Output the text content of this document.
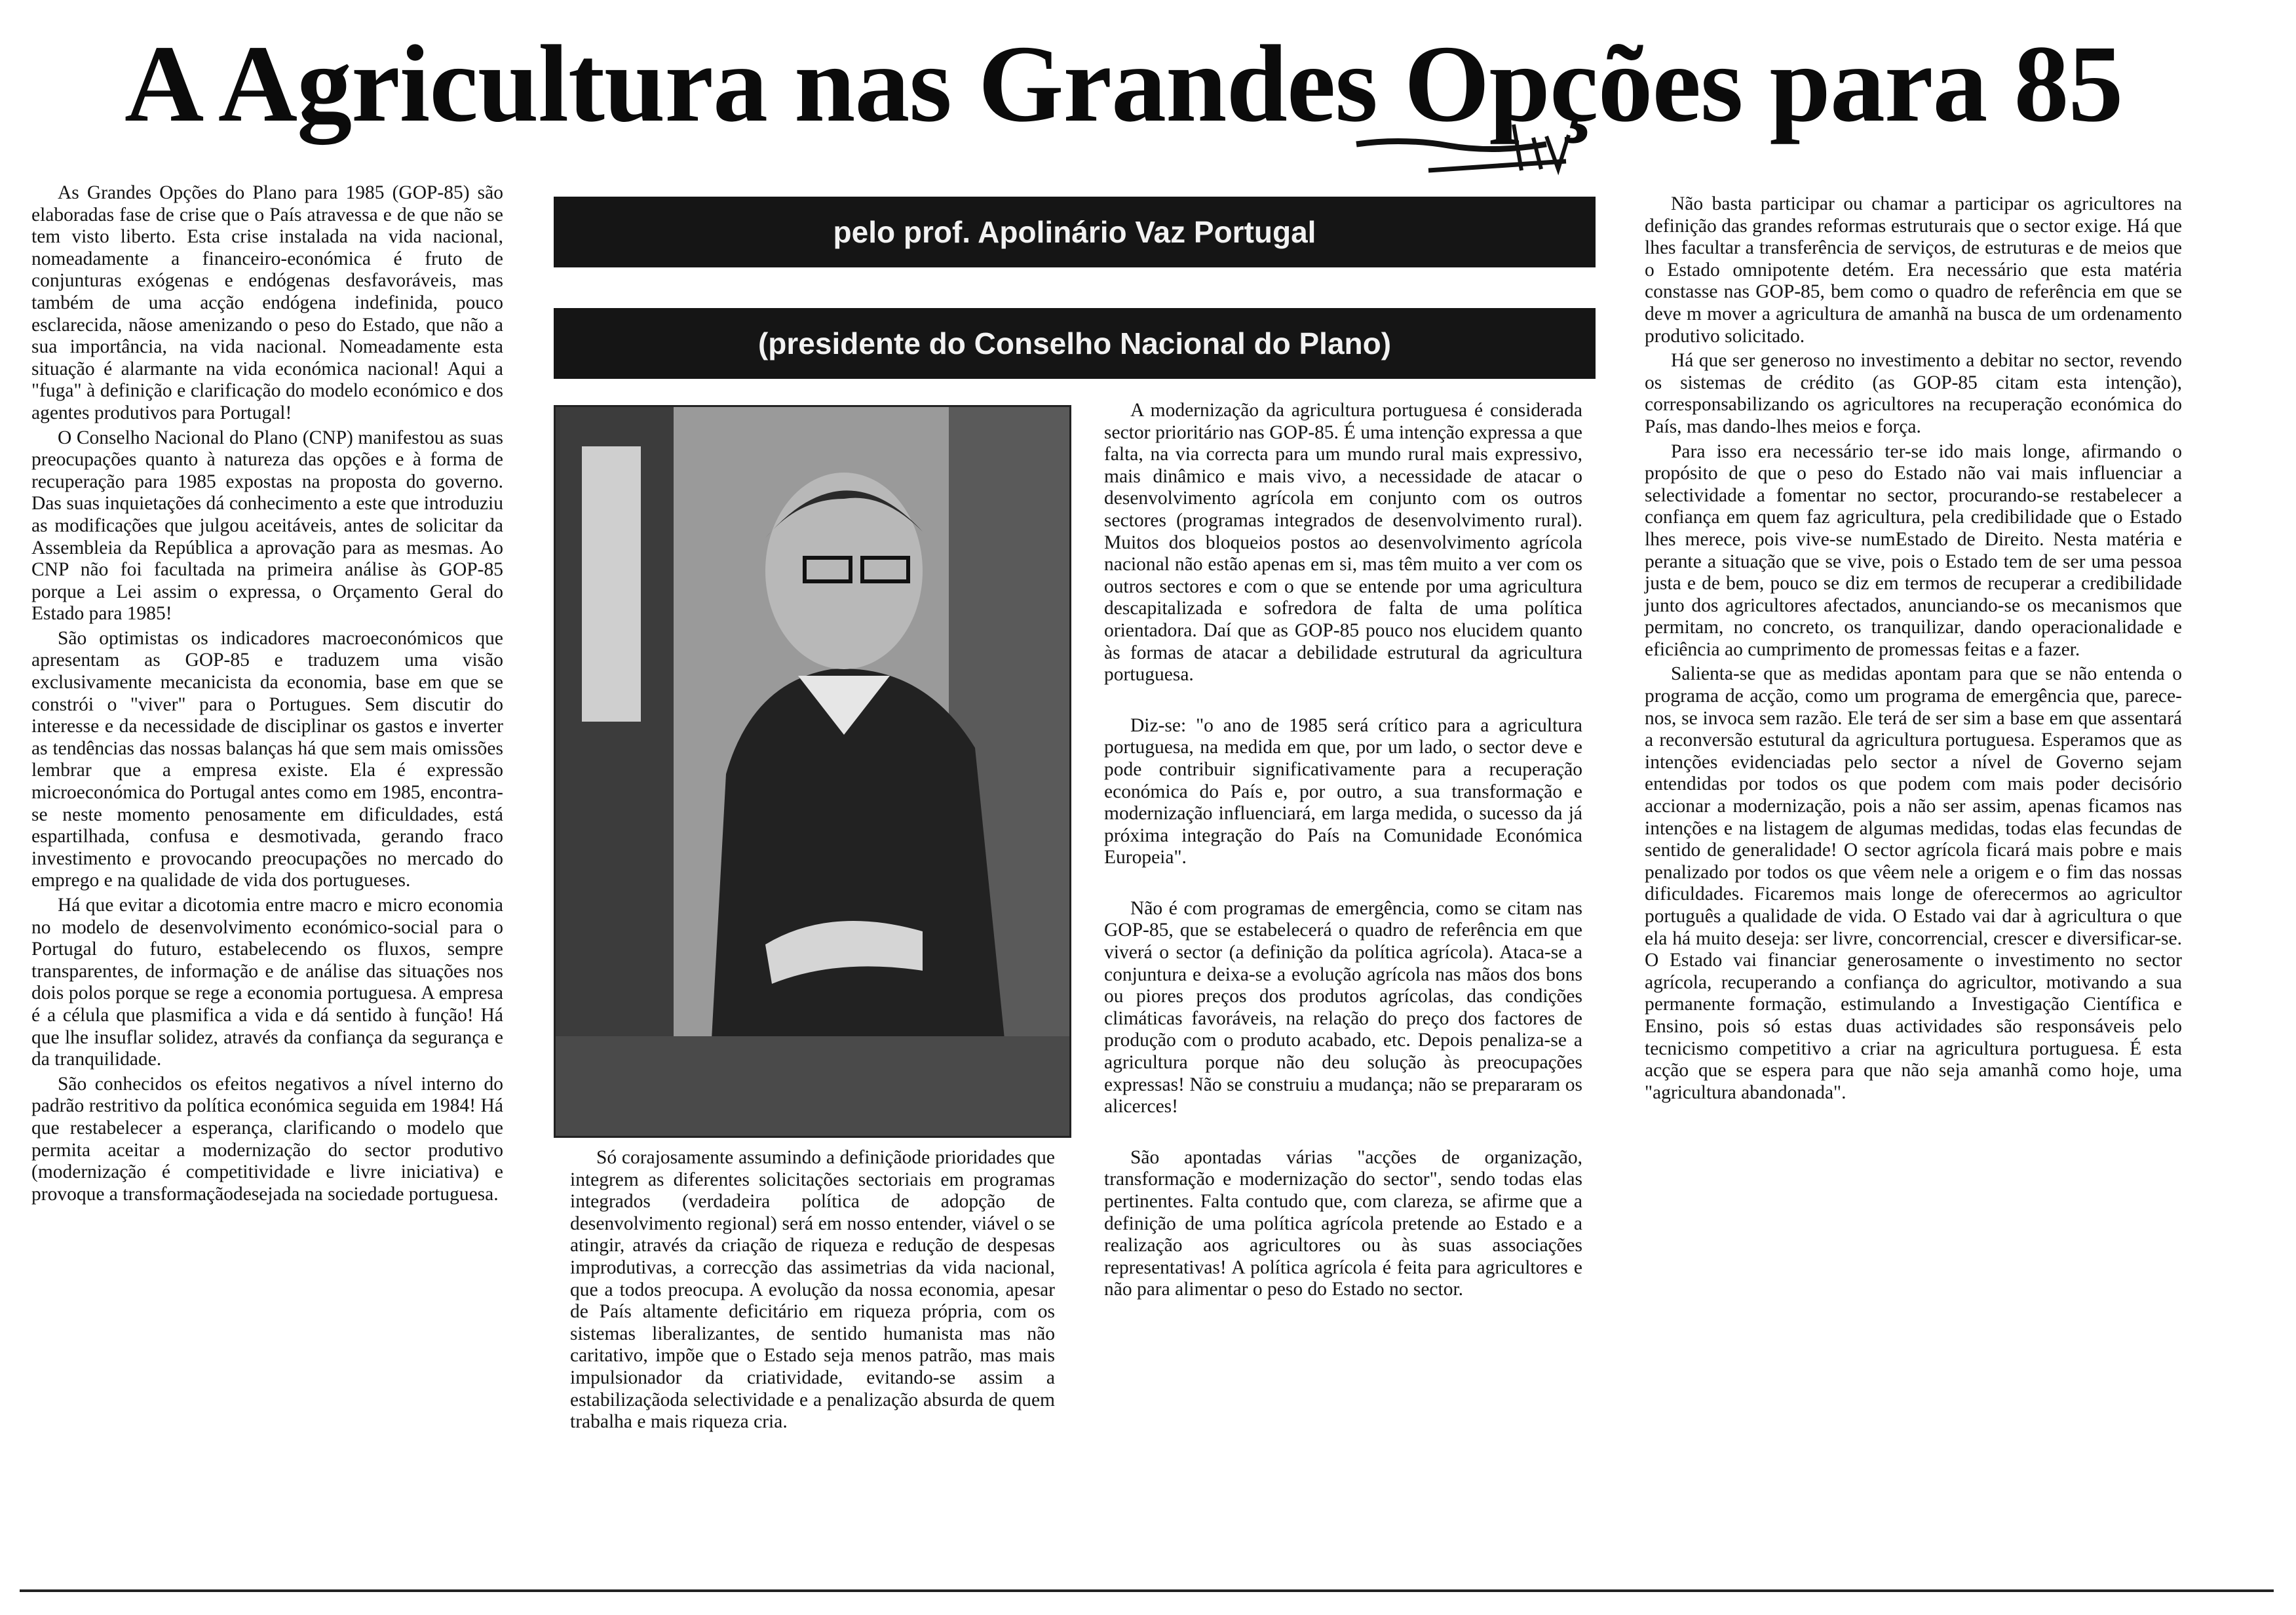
A Agricultura nas Grandes Opções para 85
pelo prof. Apolinário Vaz Portugal
(presidente do Conselho Nacional do Plano)

As Grandes Opções do Plano para 1985 (GOP-85) são elaboradas fase de crise que o País atravessa e de que não se tem visto liberto. Esta crise instalada na vida nacional, nomeadamente a financeiro-económica é fruto de conjunturas exógenas e endógenas desfavoráveis, mas também de uma acção endógena indefinida, pouco esclarecida, nãose amenizando o peso do Estado, que não a sua importância, na vida nacional. Nomeadamente esta situação é alarmante na vida económica nacional! Aqui a "fuga" à definição e clarificação do modelo económico e dos agentes produtivos para Portugal!

O Conselho Nacional do Plano (CNP) manifestou as suas preocupações quanto à natureza das opções e à forma de recuperação para 1985 expostas na proposta do governo. Das suas inquietações dá conhecimento a este que introduziu as modificações que julgou aceitáveis, antes de solicitar da Assembleia da República a aprovação para as mesmas. Ao CNP não foi facultada na primeira análise às GOP-85 porque a Lei assim o expressa, o Orçamento Geral do Estado para 1985!

São optimistas os indicadores macroeconómicos que apresentam as GOP-85 e traduzem uma visão exclusivamente mecanicista da economia, base em que se constrói o "viver" para o Portugues. Sem discutir do interesse e da necessidade de disciplinar os gastos e inverter as tendências das nossas balanças há que sem mais omissões lembrar que a empresa existe. Ela é expressão microeconómica do Portugal antes como em 1985, encontra-se neste momento penosamente em dificuldades, está espartilhada, confusa e desmotivada, gerando fraco investimento e provocando preocupações no mercado do emprego e na qualidade de vida dos portugueses.

Há que evitar a dicotomia entre macro e micro economia no modelo de desenvolvimento económico-social para o Portugal do futuro, estabelecendo os fluxos, sempre transparentes, de informação e de análise das situações nos dois polos porque se rege a economia portuguesa. A empresa é a célula que plasmifica a vida e dá sentido à função! Há que lhe insuflar solidez, através da confiança da segurança e da tranquilidade.

São conhecidos os efeitos negativos a nível interno do padrão restritivo da política económica seguida em 1984! Há que restabelecer a esperança, clarificando o modelo que permita aceitar a modernização do sector produtivo (modernização é competitividade e livre iniciativa) e provoque a transformaçãodesejada na sociedade portuguesa.

Só corajosamente assumindo a definiçãode prioridades que integrem as diferentes solicitações sectoriais em programas integrados (verdadeira política de adopção de desenvolvimento regional) será em nosso entender, viável o se atingir, através da criação de riqueza e redução de despesas improdutivas, a correcção das assimetrias da vida nacional, que a todos preocupa. A evolução da nossa economia, apesar de País altamente deficitário em riqueza própria, com os sistemas liberalizantes, de sentido humanista mas não caritativo, impõe que o Estado seja menos patrão, mas mais impulsionador da criatividade, evitando-se assim a estabilizaçãoda selectividade e a penalização absurda de quem trabalha e mais riqueza cria.

A modernização da agricultura portuguesa é considerada sector prioritário nas GOP-85. É uma intenção expressa a que falta, na via correcta para um mundo rural mais expressivo, mais dinâmico e mais vivo, a necessidade de atacar o desenvolvimento agrícola em conjunto com os outros sectores (programas integrados de desenvolvimento rural). Muitos dos bloqueios postos ao desenvolvimento agrícola nacional não estão apenas em si, mas têm muito a ver com os outros sectores e com o que se entende por uma agricultura descapitalizada e sofredora de falta de uma política orientadora. Daí que as GOP-85 pouco nos elucidem quanto às formas de atacar a debilidade estrutural da agricultura portuguesa.

Diz-se: "o ano de 1985 será crítico para a agricultura portuguesa, na medida em que, por um lado, o sector deve e pode contribuir significativamente para a recuperação económica do País e, por outro, a sua transformação e modernização influenciará, em larga medida, o sucesso da já próxima integração do País na Comunidade Económica Europeia".

Não é com programas de emergência, como se citam nas GOP-85, que se estabelecerá o quadro de referência em que viverá o sector (a definição da política agrícola). Ataca-se a conjuntura e deixa-se a evolução agrícola nas mãos dos bons ou piores preços dos produtos agrícolas, das condições climáticas favoráveis, na relação do preço dos factores de produção com o produto acabado, etc. Depois penaliza-se a agricultura porque não deu solução às preocupações expressas! Não se construiu a mudança; não se prepararam os alicerces!

São apontadas várias "acções de organização, transformação e modernização do sector", sendo todas elas pertinentes. Falta contudo que, com clareza, se afirme que a definição de uma política agrícola pretende ao Estado e a realização aos agricultores ou às suas associações representativas! A política agrícola é feita para agricultores e não para alimentar o peso do Estado no sector.

Não basta participar ou chamar a participar os agricultores na definição das grandes reformas estruturais que o sector exige. Há que lhes facultar a transferência de serviços, de estruturas e de meios que o Estado omnipotente detém. Era necessário que esta matéria constasse nas GOP-85, bem como o quadro de referência em que se deve m mover a agricultura de amanhã na busca de um ordenamento produtivo solicitado.

Há que ser generoso no investimento a debitar no sector, revendo os sistemas de crédito (as GOP-85 citam esta intenção), corresponsabilizando os agricultores na recuperação económica do País, mas dando-lhes meios e força.

Para isso era necessário ter-se ido mais longe, afirmando o propósito de que o peso do Estado não vai mais influenciar a selectividade a fomentar no sector, procurando-se restabelecer a confiança em quem faz agricultura, pela credibilidade que o Estado lhes merece, pois vive-se numEstado de Direito. Nesta matéria e perante a situação que se vive, pois o Estado tem de ser uma pessoa justa e de bem, pouco se diz em termos de recuperar a credibilidade junto dos agricultores afectados, anunciando-se os mecanismos que permitam, no concreto, os tranquilizar, dando operacionalidade e eficiência ao cumprimento de promessas feitas e a fazer.

Salienta-se que as medidas apontam para que se não entenda o programa de acção, como um programa de emergência que, parece-nos, se invoca sem razão. Ele terá de ser sim a base em que assentará a reconversão estutural da agricultura portuguesa. Esperamos que as intenções evidenciadas pelo sector a nível de Governo sejam entendidas por todos os que podem com mais poder decisório accionar a modernização, pois a não ser assim, apenas ficamos nas intenções e na listagem de algumas medidas, todas elas fecundas de sentido de generalidade! O sector agrícola ficará mais pobre e mais penalizado por todos os que vêem nele a origem e o fim das nossas dificuldades. Ficaremos mais longe de oferecermos ao agricultor português a qualidade de vida. O Estado vai dar à agricultura o que ela há muito deseja: ser livre, concorrencial, crescer e diversificar-se. O Estado vai financiar generosamente o investimento no sector agrícola, recuperando a confiança do agricultor, motivando a sua permanente formação, estimulando a Investigação Científica e Ensino, pois só estas duas actividades são responsáveis pelo tecnicismo competitivo a criar na agricultura portuguesa. É esta acção que se espera para que não seja amanhã como hoje, uma "agricultura abandonada".
